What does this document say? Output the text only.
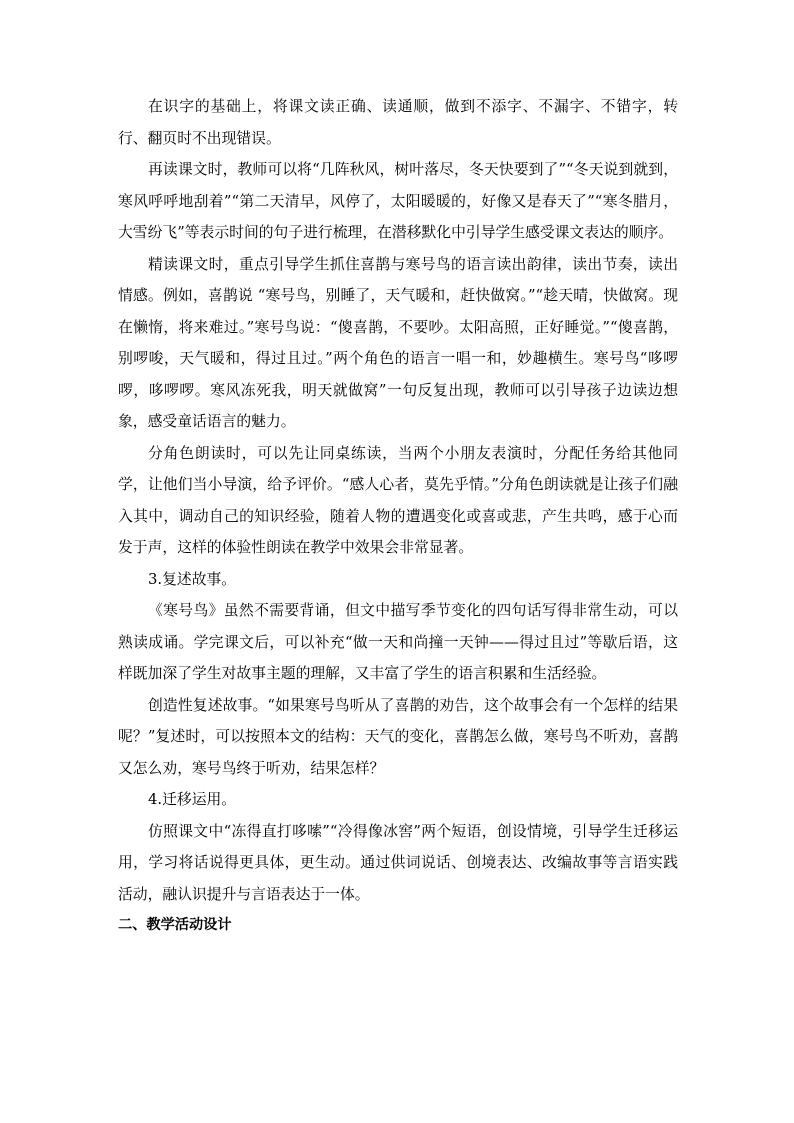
在识字的基础上，将课文读正确、读通顺，做到不添字、不漏字、不错字，转行、翻页时不出现错误。

再读课文时，教师可以将“几阵秋风，树叶落尽，冬天快要到了”“冬天说到就到，寒风呼呼地刮着”“第二天清早，风停了，太阳暖暖的，好像又是春天了”“寒冬腊月，大雪纷飞”等表示时间的句子进行梳理，在潜移默化中引导学生感受课文表达的顺序。

精读课文时，重点引导学生抓住喜鹊与寒号鸟的语言读出韵律，读出节奏，读出情感。例如，喜鹊说 “寒号鸟，别睡了，天气暖和，赶快做窝。”“趁天晴，快做窝。现在懒惰，将来难过。”寒号鸟说：“傻喜鹊，不要吵。太阳高照，正好睡觉。”“傻喜鹊，别啰唆，天气暖和，得过且过。”两个角色的语言一唱一和，妙趣横生。寒号鸟“哆啰啰，哆啰啰。寒风冻死我，明天就做窝”一句反复出现，教师可以引导孩子边读边想象，感受童话语言的魅力。

分角色朗读时，可以先让同桌练读，当两个小朋友表演时，分配任务给其他同学，让他们当小导演，给予评价。“感人心者，莫先乎情。”分角色朗读就是让孩子们融入其中，调动自己的知识经验，随着人物的遭遇变化或喜或悲，产生共鸣，感于心而发于声，这样的体验性朗读在教学中效果会非常显著。

3.复述故事。

《寒号鸟》虽然不需要背诵，但文中描写季节变化的四句话写得非常生动，可以熟读成诵。学完课文后，可以补充“做一天和尚撞一天钟——得过且过”等歇后语，这样既加深了学生对故事主题的理解，又丰富了学生的语言积累和生活经验。

创造性复述故事。“如果寒号鸟听从了喜鹊的劝告，这个故事会有一个怎样的结果呢？”复述时，可以按照本文的结构：天气的变化，喜鹊怎么做，寒号鸟不听劝，喜鹊又怎么劝，寒号鸟终于听劝，结果怎样？

4.迁移运用。

仿照课文中“冻得直打哆嗦”“冷得像冰窖”两个短语，创设情境，引导学生迁移运用，学习将话说得更具体，更生动。通过供词说话、创境表达、改编故事等言语实践活动，融认识提升与言语表达于一体。

二、教学活动设计
